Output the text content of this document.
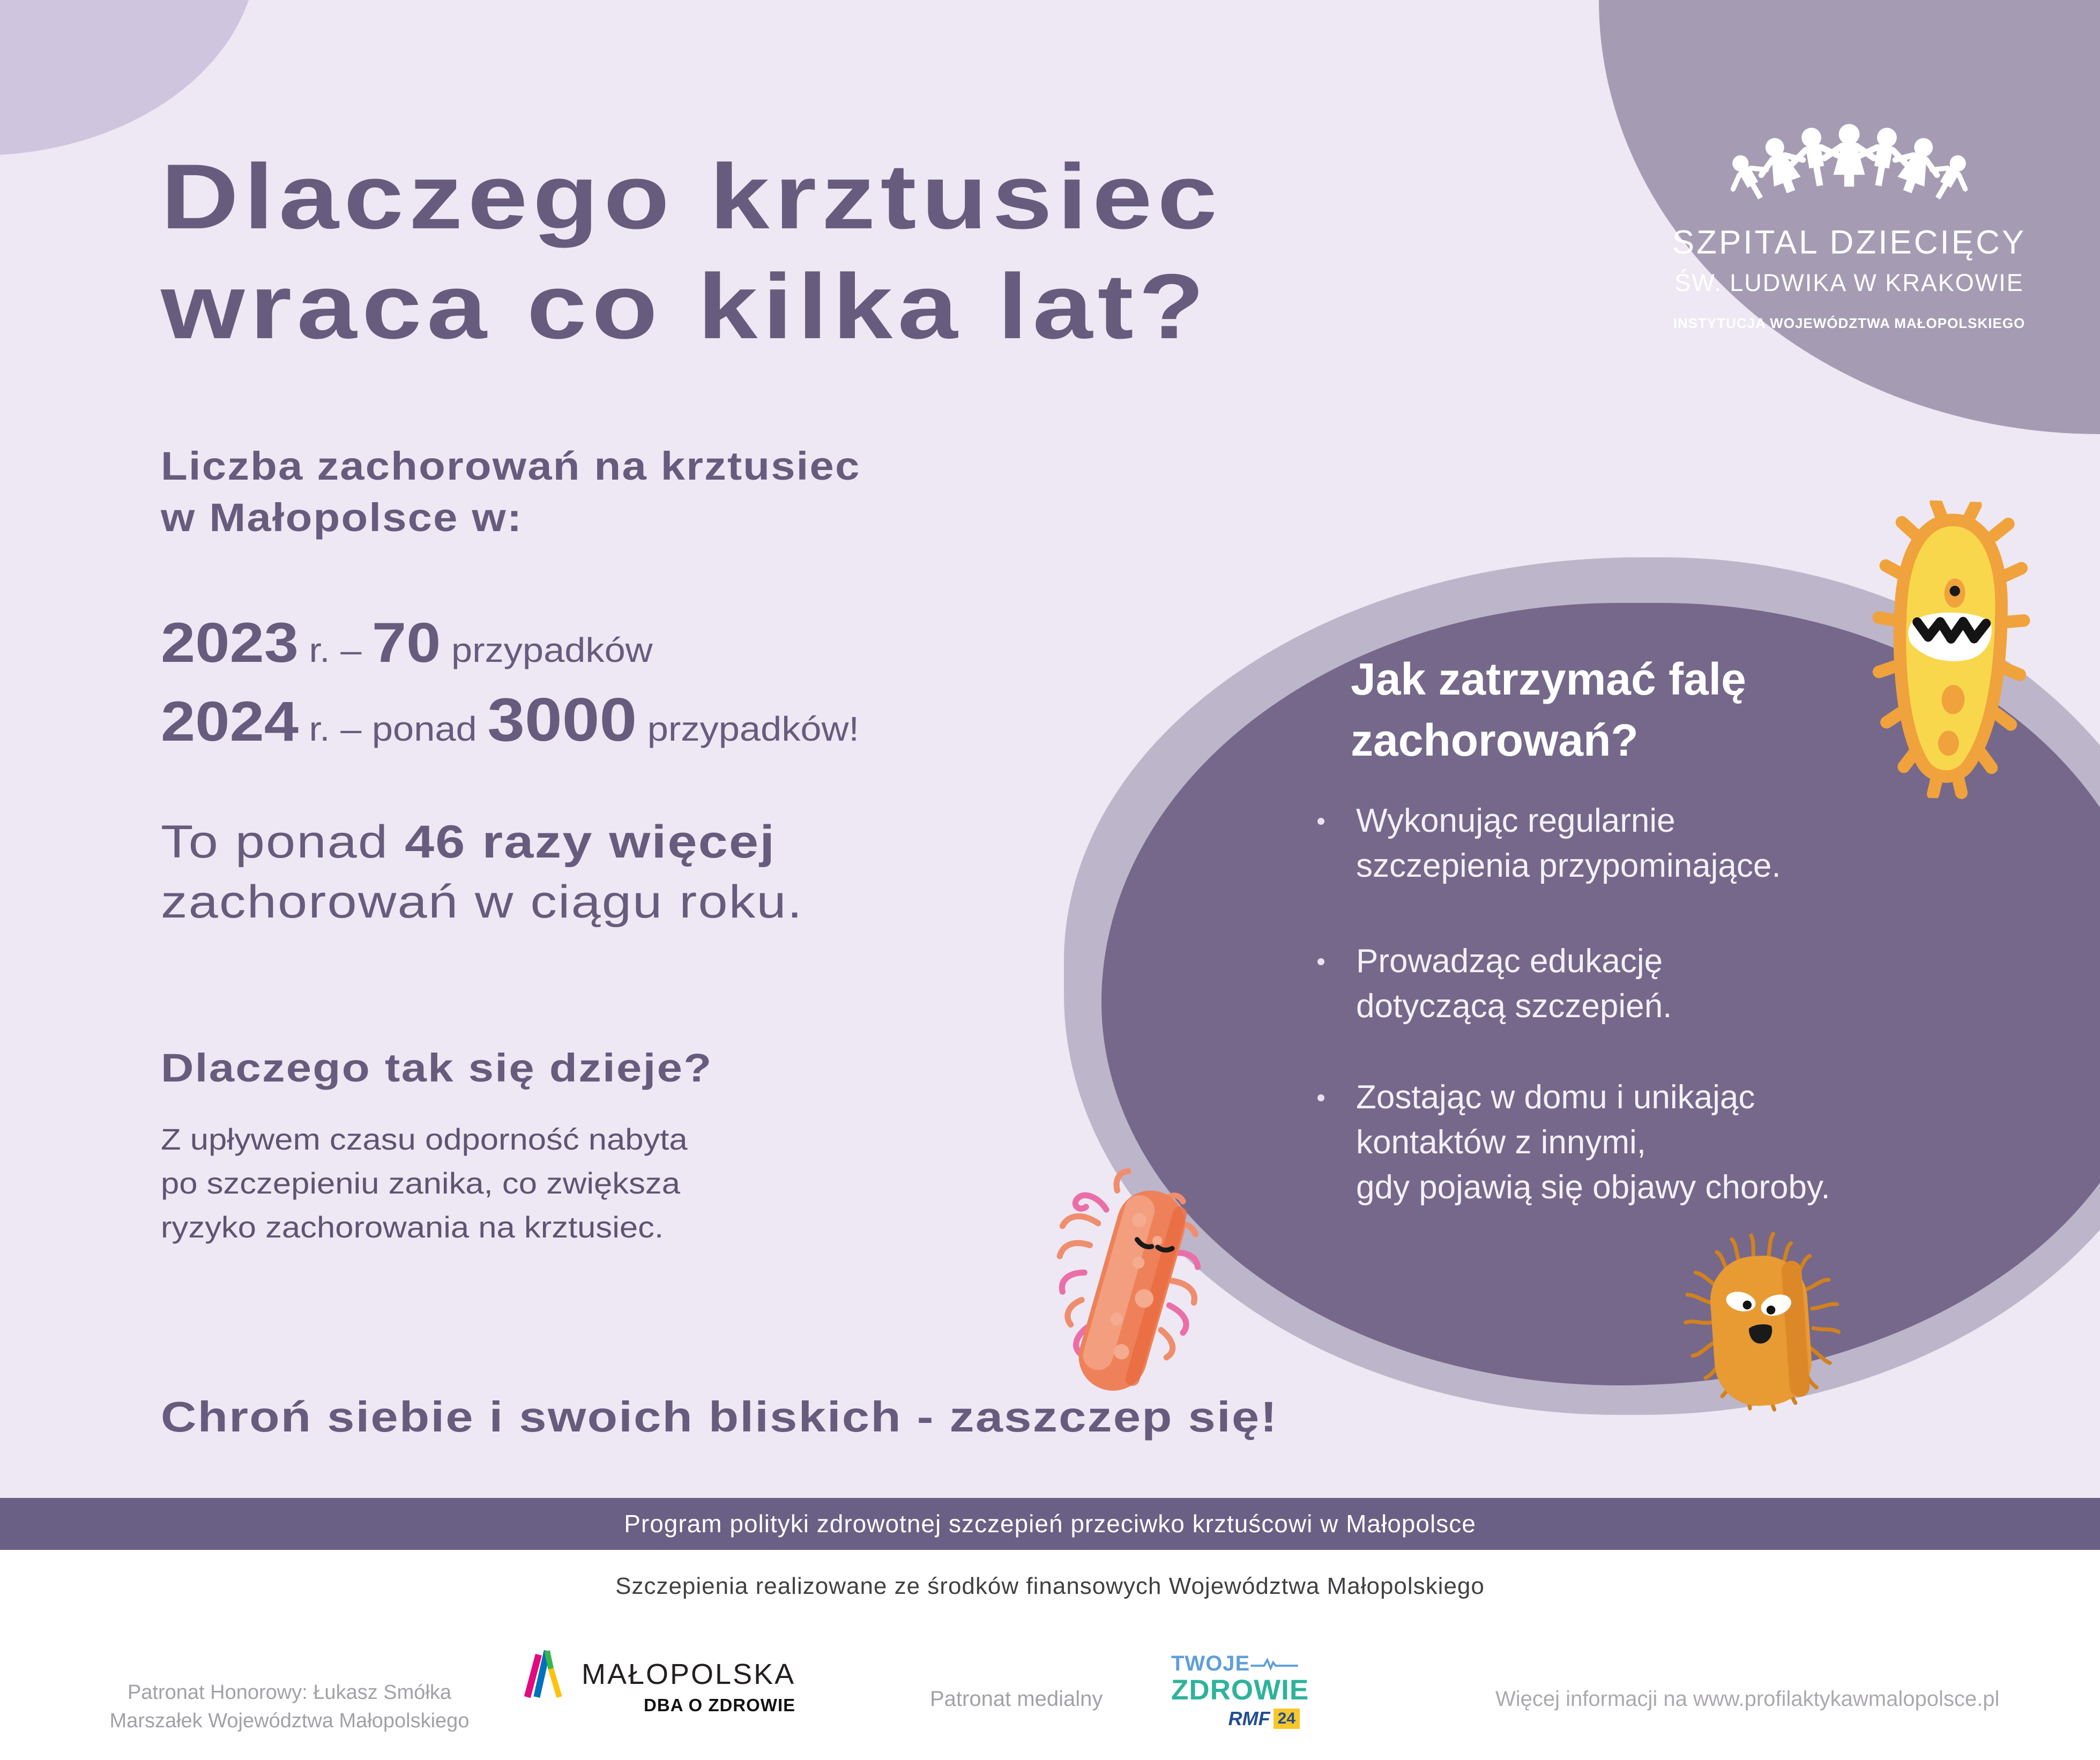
SZPITAL DZIECIĘCY
ŚW. LUDWIKA W KRAKOWIE
INSTYTUCJA WOJEWÓDZTWA MAŁOPOLSKIEGO
Dlaczego krztusiec
wraca co kilka lat?
Liczba zachorowań na krztusiec
w Małopolsce w:
2023 r. – 70 przypadków
2024 r. – ponad 3000 przypadków!
To ponad 46 razy więcej
zachorowań w ciągu roku.
Dlaczego tak się dzieje?
Z upływem czasu odporność nabyta
po szczepieniu zanika, co zwiększa
ryzyko zachorowania na krztusiec.
Chroń siebie i swoich bliskich - zaszczep się!
Jak zatrzymać falę
zachorowań?
Wykonując regularnie
szczepienia przypominające.
Prowadząc edukację
dotyczącą szczepień.
Zostając w domu i unikając
kontaktów z innymi,
gdy pojawią się objawy choroby.
Program polityki zdrowotnej szczepień przeciwko krztuścowi w Małopolsce
Szczepienia realizowane ze środków finansowych Województwa Małopolskiego
Patronat Honorowy: Łukasz Smółka
Marszałek Województwa Małopolskiego
MAŁOPOLSKA
DBA O ZDROWIE	Patronat medialny
TWOJE
ZDROWIE
RMF 24
Więcej informacji na www.profilaktykawmalopolsce.pl
